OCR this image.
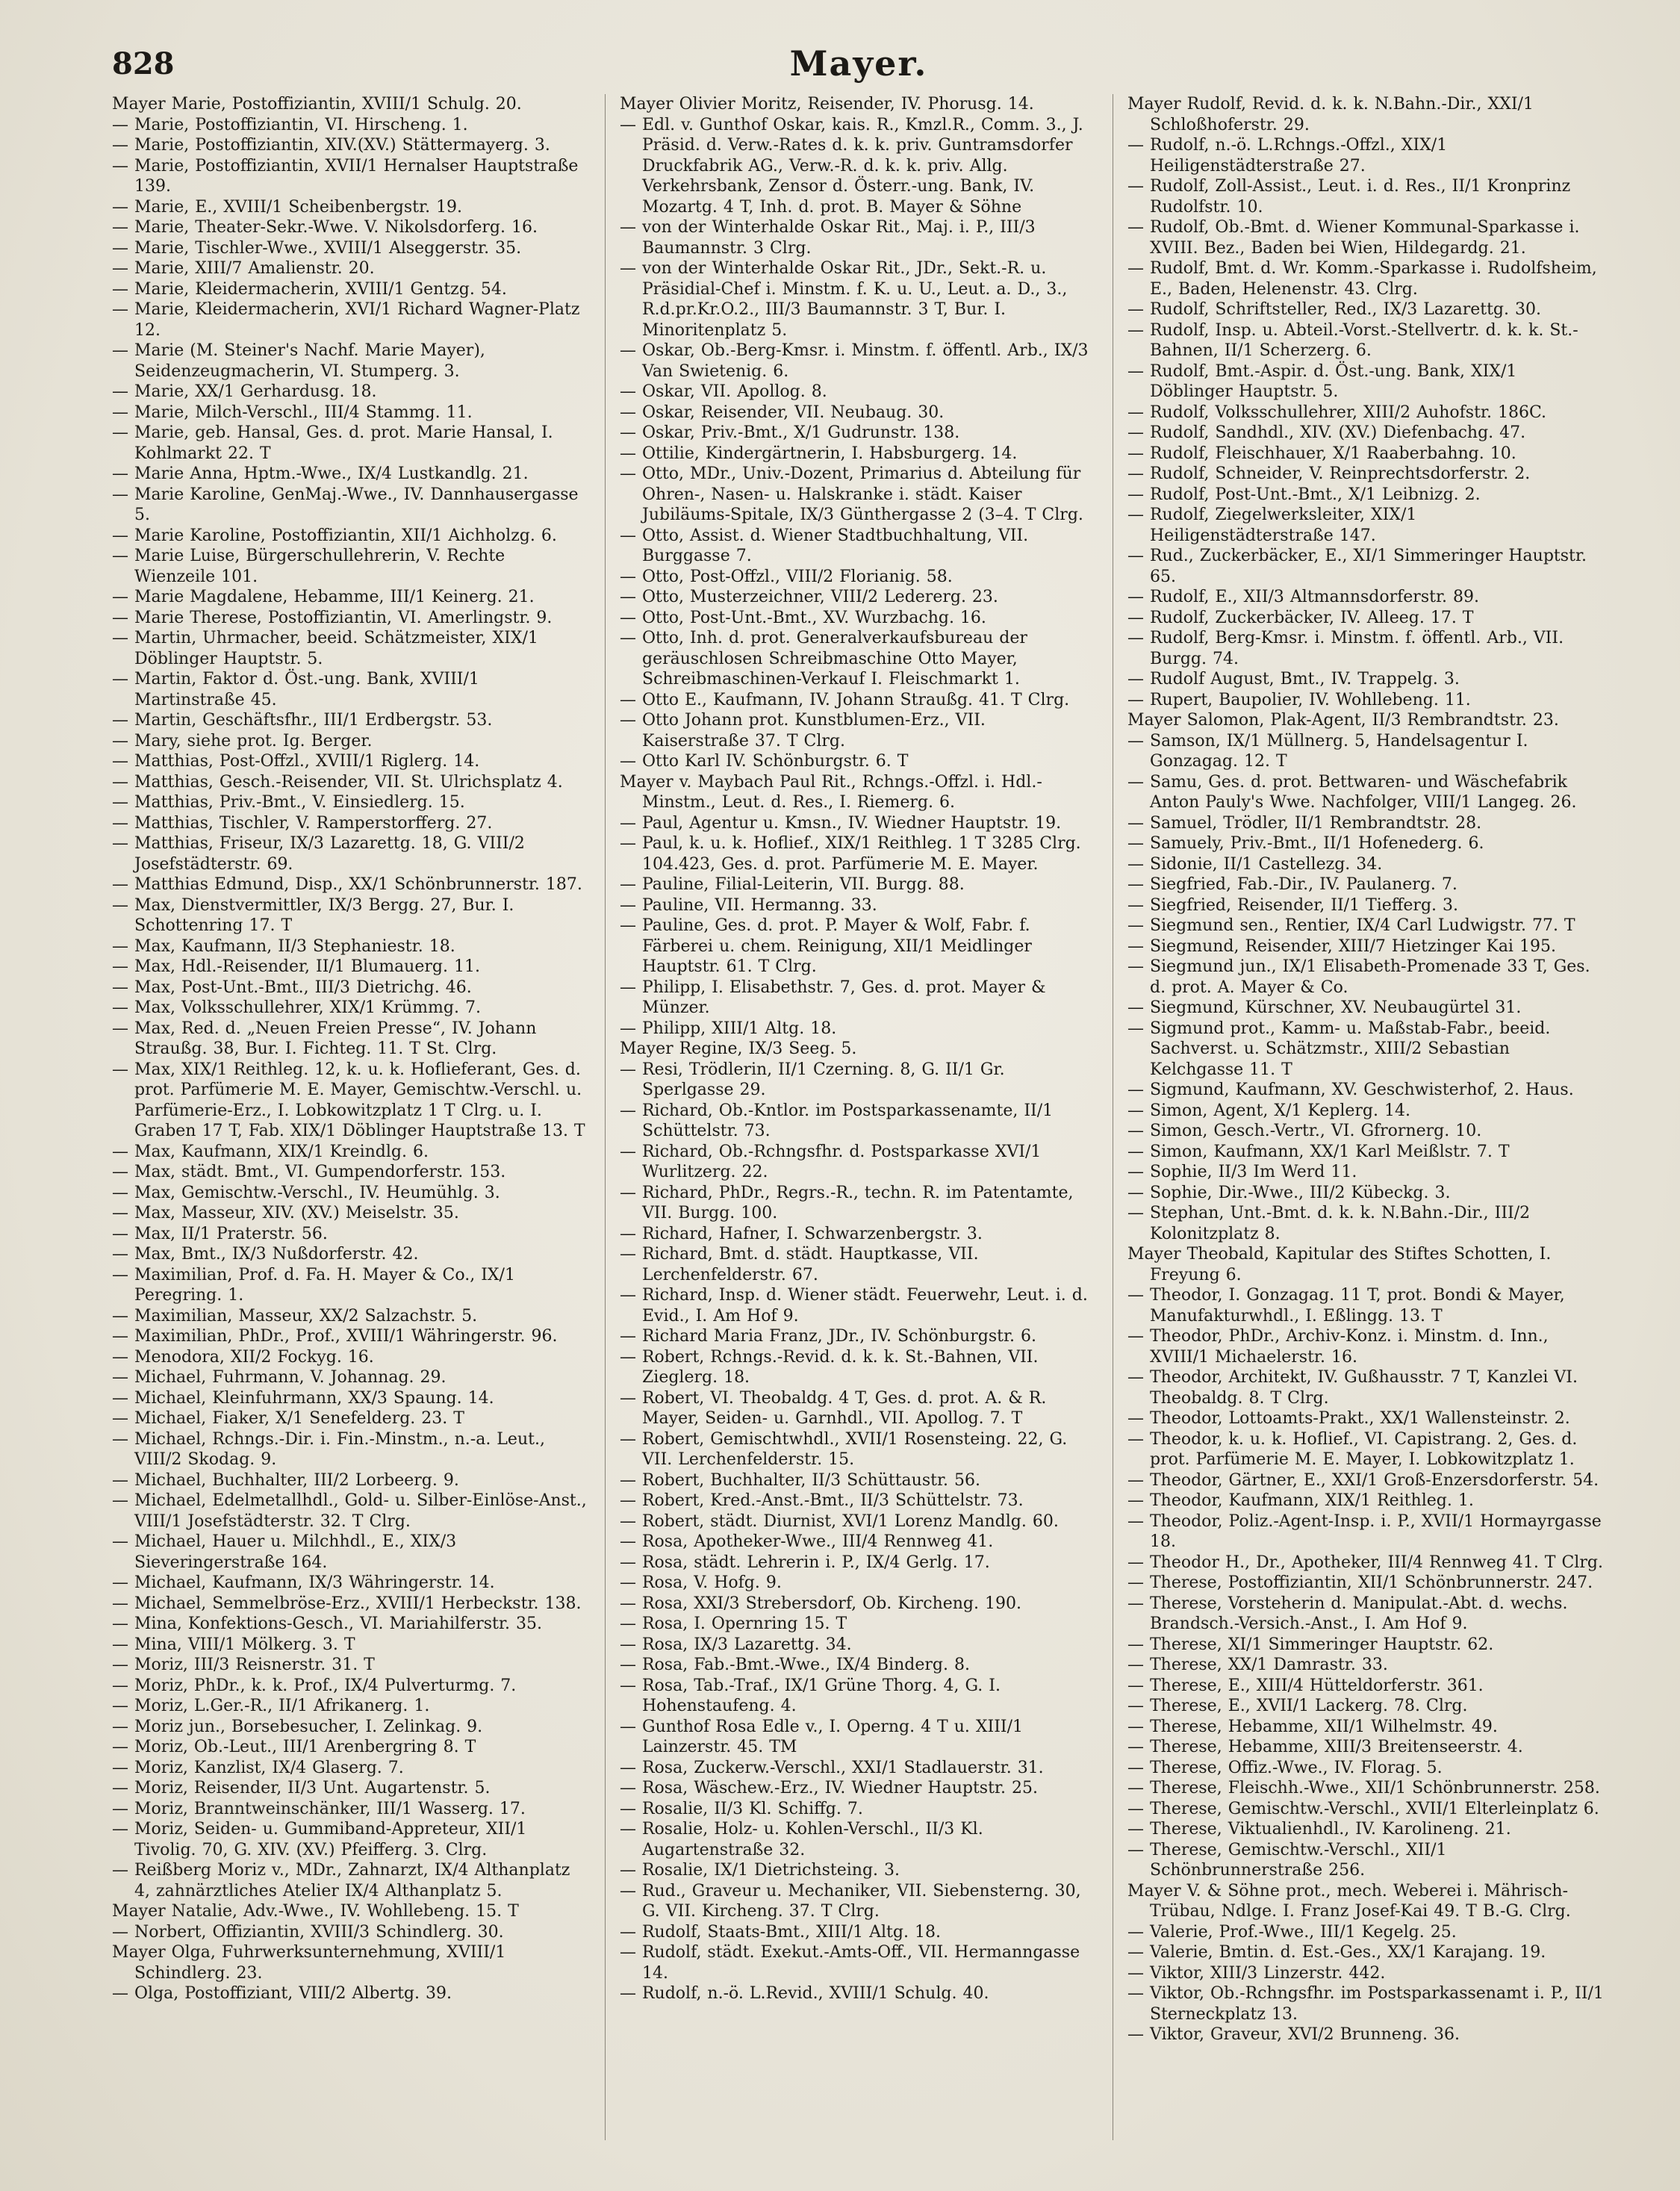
828	Mayer.
Mayer Marie, Postoffiziantin, XVIII/1 Schulg. 20.
— Marie, Postoffiziantin, VI. Hirscheng. 1.
— Marie, Postoffiziantin, XIV.(XV.) Stättermayerg. 3.
— Marie, Postoffiziantin, XVII/1 Hernalser Hauptstraße 139.
— Marie, E., XVIII/1 Scheibenbergstr. 19.
— Marie, Theater-Sekr.-Wwe. V. Nikolsdorferg. 16.
— Marie, Tischler-Wwe., XVIII/1 Alseggerstr. 35.
— Marie, XIII/7 Amalienstr. 20.
— Marie, Kleidermacherin, XVIII/1 Gentzg. 54.
— Marie, Kleidermacherin, XVI/1 Richard Wagner-Platz 12.
— Marie (M. Steiner's Nachf. Marie Mayer), Seidenzeugmacherin, VI. Stumperg. 3.
— Marie, XX/1 Gerhardusg. 18.
— Marie, Milch-Verschl., III/4 Stammg. 11.
— Marie, geb. Hansal, Ges. d. prot. Marie Hansal, I. Kohlmarkt 22. T
— Marie Anna, Hptm.-Wwe., IX/4 Lustkandlg. 21.
— Marie Karoline, GenMaj.-Wwe., IV. Dannhausergasse 5.
— Marie Karoline, Postoffiziantin, XII/1 Aichholzg. 6.
— Marie Luise, Bürgerschullehrerin, V. Rechte Wienzeile 101.
— Marie Magdalene, Hebamme, III/1 Keinerg. 21.
— Marie Therese, Postoffiziantin, VI. Amerlingstr. 9.
— Martin, Uhrmacher, beeid. Schätzmeister, XIX/1 Döblinger Hauptstr. 5.
— Martin, Faktor d. Öst.-ung. Bank, XVIII/1 Martinstraße 45.
— Martin, Geschäftsfhr., III/1 Erdbergstr. 53.
— Mary, siehe prot. Ig. Berger.
— Matthias, Post-Offzl., XVIII/1 Riglerg. 14.
— Matthias, Gesch.-Reisender, VII. St. Ulrichsplatz 4.
— Matthias, Priv.-Bmt., V. Einsiedlerg. 15.
— Matthias, Tischler, V. Ramperstorfferg. 27.
— Matthias, Friseur, IX/3 Lazarettg. 18, G. VIII/2 Josefstädterstr. 69.
— Matthias Edmund, Disp., XX/1 Schönbrunnerstr. 187.
— Max, Dienstvermittler, IX/3 Bergg. 27, Bur. I. Schottenring 17. T
— Max, Kaufmann, II/3 Stephaniestr. 18.
— Max, Hdl.-Reisender, II/1 Blumauerg. 11.
— Max, Post-Unt.-Bmt., III/3 Dietrichg. 46.
— Max, Volksschullehrer, XIX/1 Krümmg. 7.
— Max, Red. d. „Neuen Freien Presse“, IV. Johann Straußg. 38, Bur. I. Fichteg. 11. T St. Clrg.
— Max, XIX/1 Reithleg. 12, k. u. k. Hoflieferant, Ges. d. prot. Parfümerie M. E. Mayer, Gemischtw.-Verschl. u. Parfümerie-Erz., I. Lobkowitzplatz 1 T Clrg. u. I. Graben 17 T, Fab. XIX/1 Döblinger Hauptstraße 13. T
— Max, Kaufmann, XIX/1 Kreindlg. 6.
— Max, städt. Bmt., VI. Gumpendorferstr. 153.
— Max, Gemischtw.-Verschl., IV. Heumühlg. 3.
— Max, Masseur, XIV. (XV.) Meiselstr. 35.
— Max, II/1 Praterstr. 56.
— Max, Bmt., IX/3 Nußdorferstr. 42.
— Maximilian, Prof. d. Fa. H. Mayer & Co., IX/1 Peregring. 1.
— Maximilian, Masseur, XX/2 Salzachstr. 5.
— Maximilian, PhDr., Prof., XVIII/1 Währingerstr. 96.
— Menodora, XII/2 Fockyg. 16.
— Michael, Fuhrmann, V. Johannag. 29.
— Michael, Kleinfuhrmann, XX/3 Spaung. 14.
— Michael, Fiaker, X/1 Senefelderg. 23. T
— Michael, Rchngs.-Dir. i. Fin.-Minstm., n.-a. Leut., VIII/2 Skodag. 9.
— Michael, Buchhalter, III/2 Lorbeerg. 9.
— Michael, Edelmetallhdl., Gold- u. Silber-Einlöse-Anst., VIII/1 Josefstädterstr. 32. T Clrg.
— Michael, Hauer u. Milchhdl., E., XIX/3 Sieveringerstraße 164.
— Michael, Kaufmann, IX/3 Währingerstr. 14.
— Michael, Semmelbröse-Erz., XVIII/1 Herbeckstr. 138.
— Mina, Konfektions-Gesch., VI. Mariahilferstr. 35.
— Mina, VIII/1 Mölkerg. 3. T
— Moriz, III/3 Reisnerstr. 31. T
— Moriz, PhDr., k. k. Prof., IX/4 Pulverturmg. 7.
— Moriz, L.Ger.-R., II/1 Afrikanerg. 1.
— Moriz jun., Borsebesucher, I. Zelinkag. 9.
— Moriz, Ob.-Leut., III/1 Arenbergring 8. T
— Moriz, Kanzlist, IX/4 Glaserg. 7.
— Moriz, Reisender, II/3 Unt. Augartenstr. 5.
— Moriz, Branntweinschänker, III/1 Wasserg. 17.
— Moriz, Seiden- u. Gummiband-Appreteur, XII/1 Tivolig. 70, G. XIV. (XV.) Pfeifferg. 3. Clrg.
— Reißberg Moriz v., MDr., Zahnarzt, IX/4 Althanplatz 4, zahnärztliches Atelier IX/4 Althanplatz 5.
Mayer Natalie, Adv.-Wwe., IV. Wohllebeng. 15. T
— Norbert, Offiziantin, XVIII/3 Schindlerg. 30.
Mayer Olga, Fuhrwerksunternehmung, XVIII/1 Schindlerg. 23.
— Olga, Postoffiziant, VIII/2 Albertg. 39.
Mayer Olivier Moritz, Reisender, IV. Phorusg. 14.
— Edl. v. Gunthof Oskar, kais. R., Kmzl.R., Comm. 3., J. Präsid. d. Verw.-Rates d. k. k. priv. Guntramsdorfer Druckfabrik AG., Verw.-R. d. k. k. priv. Allg. Verkehrsbank, Zensor d. Österr.-ung. Bank, IV. Mozartg. 4 T, Inh. d. prot. B. Mayer & Söhne
— von der Winterhalde Oskar Rit., Maj. i. P., III/3 Baumannstr. 3 Clrg.
— von der Winterhalde Oskar Rit., JDr., Sekt.-R. u. Präsidial-Chef i. Minstm. f. K. u. U., Leut. a. D., 3., R.d.pr.Kr.O.2., III/3 Baumannstr. 3 T, Bur. I. Minoritenplatz 5.
— Oskar, Ob.-Berg-Kmsr. i. Minstm. f. öffentl. Arb., IX/3 Van Swietenig. 6.
— Oskar, VII. Apollog. 8.
— Oskar, Reisender, VII. Neubaug. 30.
— Oskar, Priv.-Bmt., X/1 Gudrunstr. 138.
— Ottilie, Kindergärtnerin, I. Habsburgerg. 14.
— Otto, MDr., Univ.-Dozent, Primarius d. Abteilung für Ohren-, Nasen- u. Halskranke i. städt. Kaiser Jubiläums-Spitale, IX/3 Günthergasse 2 (3–4. T Clrg.
— Otto, Assist. d. Wiener Stadtbuchhaltung, VII. Burggasse 7.
— Otto, Post-Offzl., VIII/2 Florianig. 58.
— Otto, Musterzeichner, VIII/2 Ledererg. 23.
— Otto, Post-Unt.-Bmt., XV. Wurzbachg. 16.
— Otto, Inh. d. prot. Generalverkaufsbureau der geräuschlosen Schreibmaschine Otto Mayer, Schreibmaschinen-Verkauf I. Fleischmarkt 1.
— Otto E., Kaufmann, IV. Johann Straußg. 41. T Clrg.
— Otto Johann prot. Kunstblumen-Erz., VII. Kaiserstraße 37. T Clrg.
— Otto Karl IV. Schönburgstr. 6. T
Mayer v. Maybach Paul Rit., Rchngs.-Offzl. i. Hdl.-Minstm., Leut. d. Res., I. Riemerg. 6.
— Paul, Agentur u. Kmsn., IV. Wiedner Hauptstr. 19.
— Paul, k. u. k. Hoflief., XIX/1 Reithleg. 1 T 3285 Clrg. 104.423, Ges. d. prot. Parfümerie M. E. Mayer.
— Pauline, Filial-Leiterin, VII. Burgg. 88.
— Pauline, VII. Hermanng. 33.
— Pauline, Ges. d. prot. P. Mayer & Wolf, Fabr. f. Färberei u. chem. Reinigung, XII/1 Meidlinger Hauptstr. 61. T Clrg.
— Philipp, I. Elisabethstr. 7, Ges. d. prot. Mayer & Münzer.
— Philipp, XIII/1 Altg. 18.
Mayer Regine, IX/3 Seeg. 5.
— Resi, Trödlerin, II/1 Czerning. 8, G. II/1 Gr. Sperlgasse 29.
— Richard, Ob.-Kntlor. im Postsparkassenamte, II/1 Schüttelstr. 73.
— Richard, Ob.-Rchngsfhr. d. Postsparkasse XVI/1 Wurlitzerg. 22.
— Richard, PhDr., Regrs.-R., techn. R. im Patentamte, VII. Burgg. 100.
— Richard, Hafner, I. Schwarzenbergstr. 3.
— Richard, Bmt. d. städt. Hauptkasse, VII. Lerchenfelderstr. 67.
— Richard, Insp. d. Wiener städt. Feuerwehr, Leut. i. d. Evid., I. Am Hof 9.
— Richard Maria Franz, JDr., IV. Schönburgstr. 6.
— Robert, Rchngs.-Revid. d. k. k. St.-Bahnen, VII. Zieglerg. 18.
— Robert, VI. Theobaldg. 4 T, Ges. d. prot. A. & R. Mayer, Seiden- u. Garnhdl., VII. Apollog. 7. T
— Robert, Gemischtwhdl., XVII/1 Rosensteing. 22, G. VII. Lerchenfelderstr. 15.
— Robert, Buchhalter, II/3 Schüttaustr. 56.
— Robert, Kred.-Anst.-Bmt., II/3 Schüttelstr. 73.
— Robert, städt. Diurnist, XVI/1 Lorenz Mandlg. 60.
— Rosa, Apotheker-Wwe., III/4 Rennweg 41.
— Rosa, städt. Lehrerin i. P., IX/4 Gerlg. 17.
— Rosa, V. Hofg. 9.
— Rosa, XXI/3 Strebersdorf, Ob. Kircheng. 190.
— Rosa, I. Opernring 15. T
— Rosa, IX/3 Lazarettg. 34.
— Rosa, Fab.-Bmt.-Wwe., IX/4 Binderg. 8.
— Rosa, Tab.-Traf., IX/1 Grüne Thorg. 4, G. I. Hohenstaufeng. 4.
— Gunthof Rosa Edle v., I. Operng. 4 T u. XIII/1 Lainzerstr. 45. TM
— Rosa, Zuckerw.-Verschl., XXI/1 Stadlauerstr. 31.
— Rosa, Wäschew.-Erz., IV. Wiedner Hauptstr. 25.
— Rosalie, II/3 Kl. Schiffg. 7.
— Rosalie, Holz- u. Kohlen-Verschl., II/3 Kl. Augartenstraße 32.
— Rosalie, IX/1 Dietrichsteing. 3.
— Rud., Graveur u. Mechaniker, VII. Siebensterng. 30, G. VII. Kircheng. 37. T Clrg.
— Rudolf, Staats-Bmt., XIII/1 Altg. 18.
— Rudolf, städt. Exekut.-Amts-Off., VII. Hermanngasse 14.
— Rudolf, n.-ö. L.Revid., XVIII/1 Schulg. 40.
Mayer Rudolf, Revid. d. k. k. N.Bahn.-Dir., XXI/1 Schloßhoferstr. 29.
— Rudolf, n.-ö. L.Rchngs.-Offzl., XIX/1 Heiligenstädterstraße 27.
— Rudolf, Zoll-Assist., Leut. i. d. Res., II/1 Kronprinz Rudolfstr. 10.
— Rudolf, Ob.-Bmt. d. Wiener Kommunal-Sparkasse i. XVIII. Bez., Baden bei Wien, Hildegardg. 21.
— Rudolf, Bmt. d. Wr. Komm.-Sparkasse i. Rudolfsheim, E., Baden, Helenenstr. 43. Clrg.
— Rudolf, Schriftsteller, Red., IX/3 Lazarettg. 30.
— Rudolf, Insp. u. Abteil.-Vorst.-Stellvertr. d. k. k. St.-Bahnen, II/1 Scherzerg. 6.
— Rudolf, Bmt.-Aspir. d. Öst.-ung. Bank, XIX/1 Döblinger Hauptstr. 5.
— Rudolf, Volksschullehrer, XIII/2 Auhofstr. 186C.
— Rudolf, Sandhdl., XIV. (XV.) Diefenbachg. 47.
— Rudolf, Fleischhauer, X/1 Raaberbahng. 10.
— Rudolf, Schneider, V. Reinprechtsdorferstr. 2.
— Rudolf, Post-Unt.-Bmt., X/1 Leibnizg. 2.
— Rudolf, Ziegelwerksleiter, XIX/1 Heiligenstädterstraße 147.
— Rud., Zuckerbäcker, E., XI/1 Simmeringer Hauptstr. 65.
— Rudolf, E., XII/3 Altmannsdorferstr. 89.
— Rudolf, Zuckerbäcker, IV. Alleeg. 17. T
— Rudolf, Berg-Kmsr. i. Minstm. f. öffentl. Arb., VII. Burgg. 74.
— Rudolf August, Bmt., IV. Trappelg. 3.
— Rupert, Baupolier, IV. Wohllebeng. 11.
Mayer Salomon, Plak-Agent, II/3 Rembrandtstr. 23.
— Samson, IX/1 Müllnerg. 5, Handelsagentur I. Gonzagag. 12. T
— Samu, Ges. d. prot. Bettwaren- und Wäschefabrik Anton Pauly's Wwe. Nachfolger, VIII/1 Langeg. 26.
— Samuel, Trödler, II/1 Rembrandtstr. 28.
— Samuely, Priv.-Bmt., II/1 Hofenederg. 6.
— Sidonie, II/1 Castellezg. 34.
— Siegfried, Fab.-Dir., IV. Paulanerg. 7.
— Siegfried, Reisender, II/1 Tiefferg. 3.
— Siegmund sen., Rentier, IX/4 Carl Ludwigstr. 77. T
— Siegmund, Reisender, XIII/7 Hietzinger Kai 195.
— Siegmund jun., IX/1 Elisabeth-Promenade 33 T, Ges. d. prot. A. Mayer & Co.
— Siegmund, Kürschner, XV. Neubaugürtel 31.
— Sigmund prot., Kamm- u. Maßstab-Fabr., beeid. Sachverst. u. Schätzmstr., XIII/2 Sebastian Kelchgasse 11. T
— Sigmund, Kaufmann, XV. Geschwisterhof, 2. Haus.
— Simon, Agent, X/1 Keplerg. 14.
— Simon, Gesch.-Vertr., VI. Gfrornerg. 10.
— Simon, Kaufmann, XX/1 Karl Meißlstr. 7. T
— Sophie, II/3 Im Werd 11.
— Sophie, Dir.-Wwe., III/2 Kübeckg. 3.
— Stephan, Unt.-Bmt. d. k. k. N.Bahn.-Dir., III/2 Kolonitzplatz 8.
Mayer Theobald, Kapitular des Stiftes Schotten, I. Freyung 6.
— Theodor, I. Gonzagag. 11 T, prot. Bondi & Mayer, Manufakturwhdl., I. Eßlingg. 13. T
— Theodor, PhDr., Archiv-Konz. i. Minstm. d. Inn., XVIII/1 Michaelerstr. 16.
— Theodor, Architekt, IV. Gußhausstr. 7 T, Kanzlei VI. Theobaldg. 8. T Clrg.
— Theodor, Lottoamts-Prakt., XX/1 Wallensteinstr. 2.
— Theodor, k. u. k. Hoflief., VI. Capistrang. 2, Ges. d. prot. Parfümerie M. E. Mayer, I. Lobkowitzplatz 1.
— Theodor, Gärtner, E., XXI/1 Groß-Enzersdorferstr. 54.
— Theodor, Kaufmann, XIX/1 Reithleg. 1.
— Theodor, Poliz.-Agent-Insp. i. P., XVII/1 Hormayrgasse 18.
— Theodor H., Dr., Apotheker, III/4 Rennweg 41. T Clrg.
— Therese, Postoffiziantin, XII/1 Schönbrunnerstr. 247.
— Therese, Vorsteherin d. Manipulat.-Abt. d. wechs. Brandsch.-Versich.-Anst., I. Am Hof 9.
— Therese, XI/1 Simmeringer Hauptstr. 62.
— Therese, XX/1 Damrastr. 33.
— Therese, E., XIII/4 Hütteldorferstr. 361.
— Therese, E., XVII/1 Lackerg. 78. Clrg.
— Therese, Hebamme, XII/1 Wilhelmstr. 49.
— Therese, Hebamme, XIII/3 Breitenseerstr. 4.
— Therese, Offiz.-Wwe., IV. Florag. 5.
— Therese, Fleischh.-Wwe., XII/1 Schönbrunnerstr. 258.
— Therese, Gemischtw.-Verschl., XVII/1 Elterleinplatz 6.
— Therese, Viktualienhdl., IV. Karolineng. 21.
— Therese, Gemischtw.-Verschl., XII/1 Schönbrunnerstraße 256.
Mayer V. & Söhne prot., mech. Weberei i. Mährisch-Trübau, Ndlge. I. Franz Josef-Kai 49. T B.-G. Clrg.
— Valerie, Prof.-Wwe., III/1 Kegelg. 25.
— Valerie, Bmtin. d. Est.-Ges., XX/1 Karajang. 19.
— Viktor, XIII/3 Linzerstr. 442.
— Viktor, Ob.-Rchngsfhr. im Postsparkassenamt i. P., II/1 Sterneckplatz 13.
— Viktor, Graveur, XVI/2 Brunneng. 36.
